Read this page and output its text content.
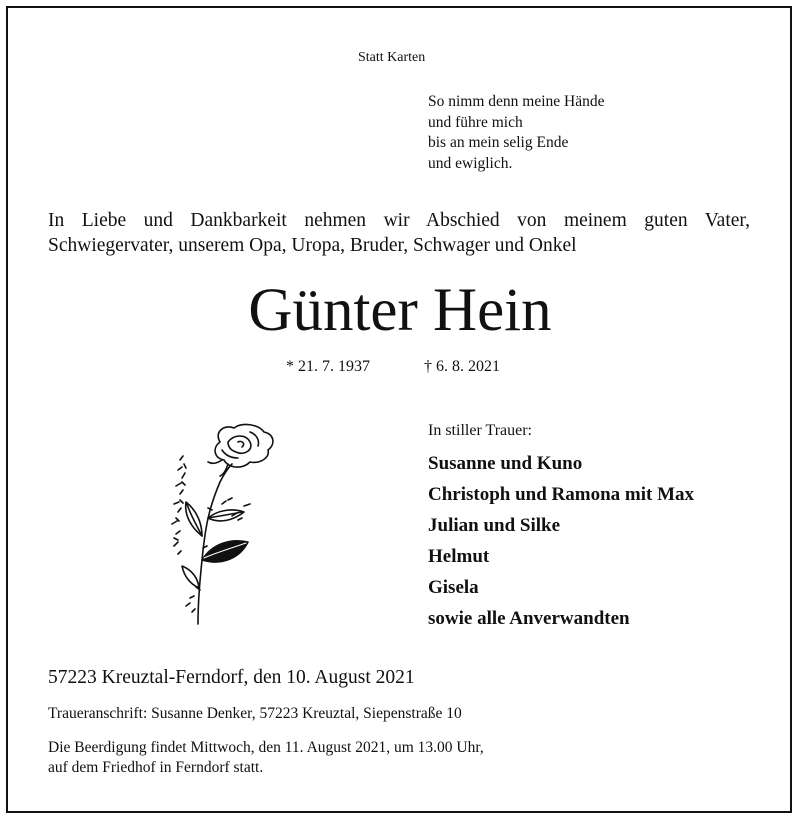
Statt Karten
So nimm denn meine Hände
und führe mich
bis an mein selig Ende
und ewiglich.
In Liebe und Dankbarkeit nehmen wir Abschied von meinem guten Vater,
Schwiegervater, unserem Opa, Uropa, Bruder, Schwager und Onkel
Günter Hein
* 21. 7. 1937	† 6. 8. 2021
In stiller Trauer:
Susanne und Kuno
Christoph und Ramona mit Max
Julian und Silke
Helmut
Gisela
sowie alle Anverwandten
57223 Kreuztal-Ferndorf, den 10. August 2021
Traueranschrift: Susanne Denker, 57223 Kreuztal, Siepenstraße 10
Die Beerdigung findet Mittwoch, den 11. August 2021, um 13.00 Uhr,
auf dem Friedhof in Ferndorf statt.
